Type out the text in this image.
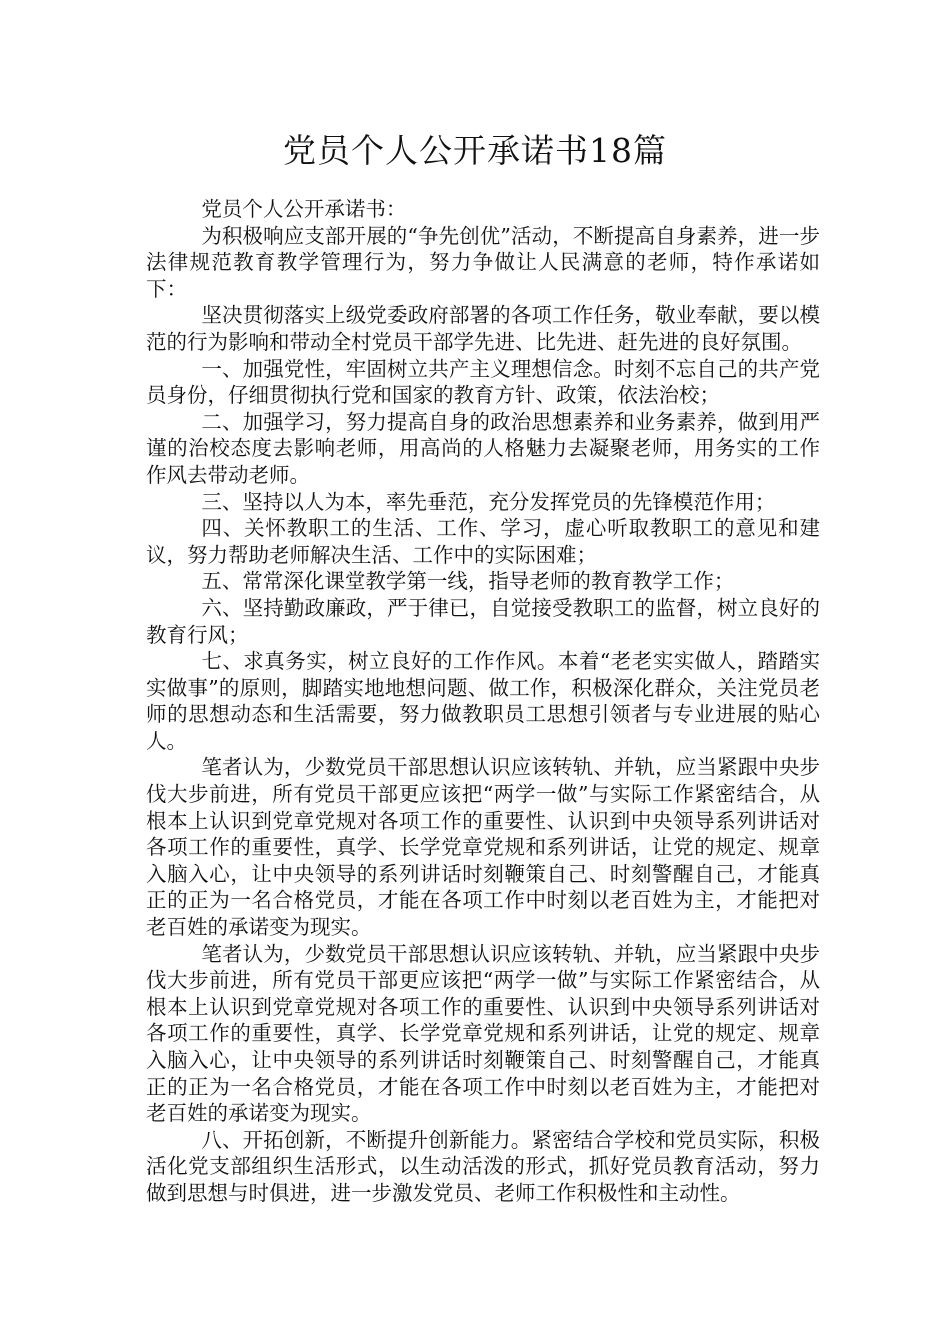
党员个人公开承诺书18篇

党员个人公开承诺书：

为积极响应支部开展的“争先创优”活动，不断提高自身素养，进一步法律规范教育教学管理行为，努力争做让人民满意的老师，特作承诺如下：

坚决贯彻落实上级党委政府部署的各项工作任务，敬业奉献，要以模范的行为影响和带动全村党员干部学先进、比先进、赶先进的良好氛围。

一、加强党性，牢固树立共产主义理想信念。时刻不忘自己的共产党员身份，仔细贯彻执行党和国家的教育方针、政策，依法治校；

二、加强学习，努力提高自身的政治思想素养和业务素养，做到用严谨的治校态度去影响老师，用高尚的人格魅力去凝聚老师，用务实的工作作风去带动老师。

三、坚持以人为本，率先垂范，充分发挥党员的先锋模范作用；

四、关怀教职工的生活、工作、学习，虚心听取教职工的意见和建议，努力帮助老师解决生活、工作中的实际困难；

五、常常深化课堂教学第一线，指导老师的教育教学工作；

六、坚持勤政廉政，严于律已，自觉接受教职工的监督，树立良好的教育行风；

七、求真务实，树立良好的工作作风。本着“老老实实做人，踏踏实实做事”的原则，脚踏实地地想问题、做工作，积极深化群众，关注党员老师的思想动态和生活需要，努力做教职员工思想引领者与专业进展的贴心人。

笔者认为，少数党员干部思想认识应该转轨、并轨，应当紧跟中央步伐大步前进，所有党员干部更应该把“两学一做”与实际工作紧密结合，从根本上认识到党章党规对各项工作的重要性、认识到中央领导系列讲话对各项工作的重要性，真学、长学党章党规和系列讲话，让党的规定、规章入脑入心，让中央领导的系列讲话时刻鞭策自己、时刻警醒自己，才能真正的正为一名合格党员，才能在各项工作中时刻以老百姓为主，才能把对老百姓的承诺变为现实。

笔者认为，少数党员干部思想认识应该转轨、并轨，应当紧跟中央步伐大步前进，所有党员干部更应该把“两学一做”与实际工作紧密结合，从根本上认识到党章党规对各项工作的重要性、认识到中央领导系列讲话对各项工作的重要性，真学、长学党章党规和系列讲话，让党的规定、规章入脑入心，让中央领导的系列讲话时刻鞭策自己、时刻警醒自己，才能真正的正为一名合格党员，才能在各项工作中时刻以老百姓为主，才能把对老百姓的承诺变为现实。

八、开拓创新，不断提升创新能力。紧密结合学校和党员实际，积极活化党支部组织生活形式，以生动活泼的形式，抓好党员教育活动，努力做到思想与时俱进，进一步激发党员、老师工作积极性和主动性。
